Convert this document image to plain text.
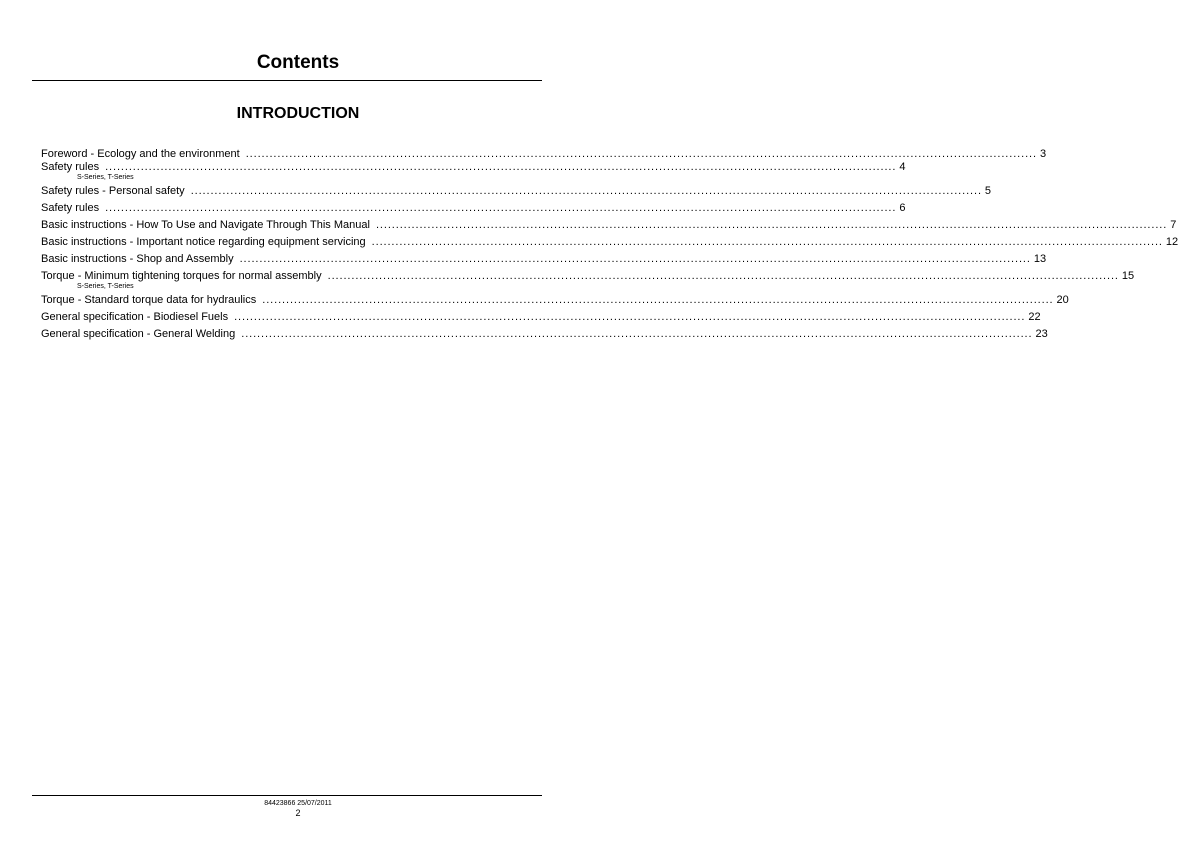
Contents
INTRODUCTION
Foreword - Ecology and the environment ........................................................................................................................................................................................................ 3
Safety rules ........................................................................................................................................................................................................ 4
S-Series, T-Series
Safety rules - Personal safety ........................................................................................................................................................................................................ 5
Safety rules ........................................................................................................................................................................................................ 6
Basic instructions - How To Use and Navigate Through This Manual ........................................................................................................................................................................................................ 7
Basic instructions - Important notice regarding equipment servicing ........................................................................................................................................................................................................ 12
Basic instructions - Shop and Assembly ........................................................................................................................................................................................................ 13
Torque - Minimum tightening torques for normal assembly ........................................................................................................................................................................................................ 15
S-Series, T-Series
Torque - Standard torque data for hydraulics ........................................................................................................................................................................................................ 20
General specification - Biodiesel Fuels ........................................................................................................................................................................................................ 22
General specification - General Welding ........................................................................................................................................................................................................ 23
84423866 25/07/2011
2
